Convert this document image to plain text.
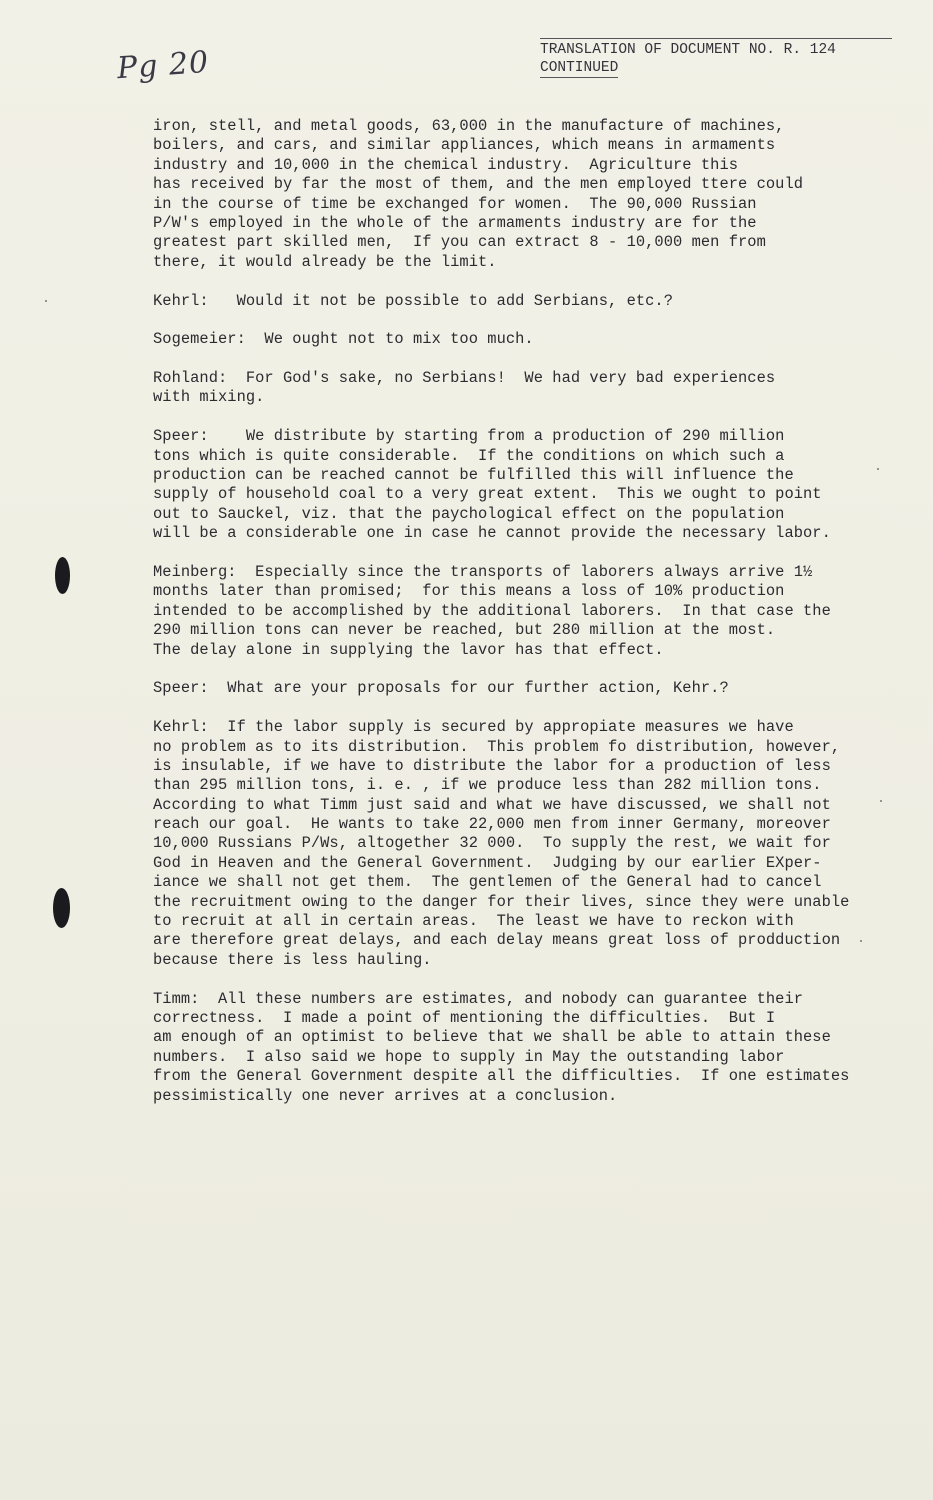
Pg 20	TRANSLATION OF DOCUMENT NO. R. 124
CONTINUED
iron, stell, and metal goods, 63,000 in the manufacture of machines,
boilers, and cars, and similar appliances, which means in armaments
industry and 10,000 in the chemical industry.  Agriculture this
has received by far the most of them, and the men employed ttere could
in the course of time be exchanged for women.  The 90,000 Russian
P/W's employed in the whole of the armaments industry are for the
greatest part skilled men,  If you can extract 8 - 10,000 men from
there, it would already be the limit.
Kehrl:   Would it not be possible to add Serbians, etc.?
Sogemeier:  We ought not to mix too much.
Rohland:  For God's sake, no Serbians!  We had very bad experiences
with mixing.
Speer:    We distribute by starting from a production of 290 million
tons which is quite considerable.  If the conditions on which such a
production can be reached cannot be fulfilled this will influence the
supply of household coal to a very great extent.  This we ought to point
out to Sauckel, viz. that the paychological effect on the population
will be a considerable one in case he cannot provide the necessary labor.
Meinberg:  Especially since the transports of laborers always arrive 1½
months later than promised;  for this means a loss of 10% production
intended to be accomplished by the additional laborers.  In that case the
290 million tons can never be reached, but 280 million at the most.
The delay alone in supplying the lavor has that effect.
Speer:  What are your proposals for our further action, Kehr.?
Kehrl:  If the labor supply is secured by appropiate measures we have
no problem as to its distribution.  This problem fo distribution, however,
is insulable, if we have to distribute the labor for a production of less
than 295 million tons, i. e. , if we produce less than 282 million tons.
According to what Timm just said and what we have discussed, we shall not
reach our goal.  He wants to take 22,000 men from inner Germany, moreover
10,000 Russians P/Ws, altogether 32 000.  To supply the rest, we wait for
God in Heaven and the General Government.  Judging by our earlier EXper-
iance we shall not get them.  The gentlemen of the General had to cancel
the recruitment owing to the danger for their lives, since they were unable
to recruit at all in certain areas.  The least we have to reckon with
are therefore great delays, and each delay means great loss of prodduction
because there is less hauling.
Timm:  All these numbers are estimates, and nobody can guarantee their
correctness.  I made a point of mentioning the difficulties.  But I
am enough of an optimist to believe that we shall be able to attain these
numbers.  I also said we hope to supply in May the outstanding labor
from the General Government despite all the difficulties.  If one estimates
pessimistically one never arrives at a conclusion.
